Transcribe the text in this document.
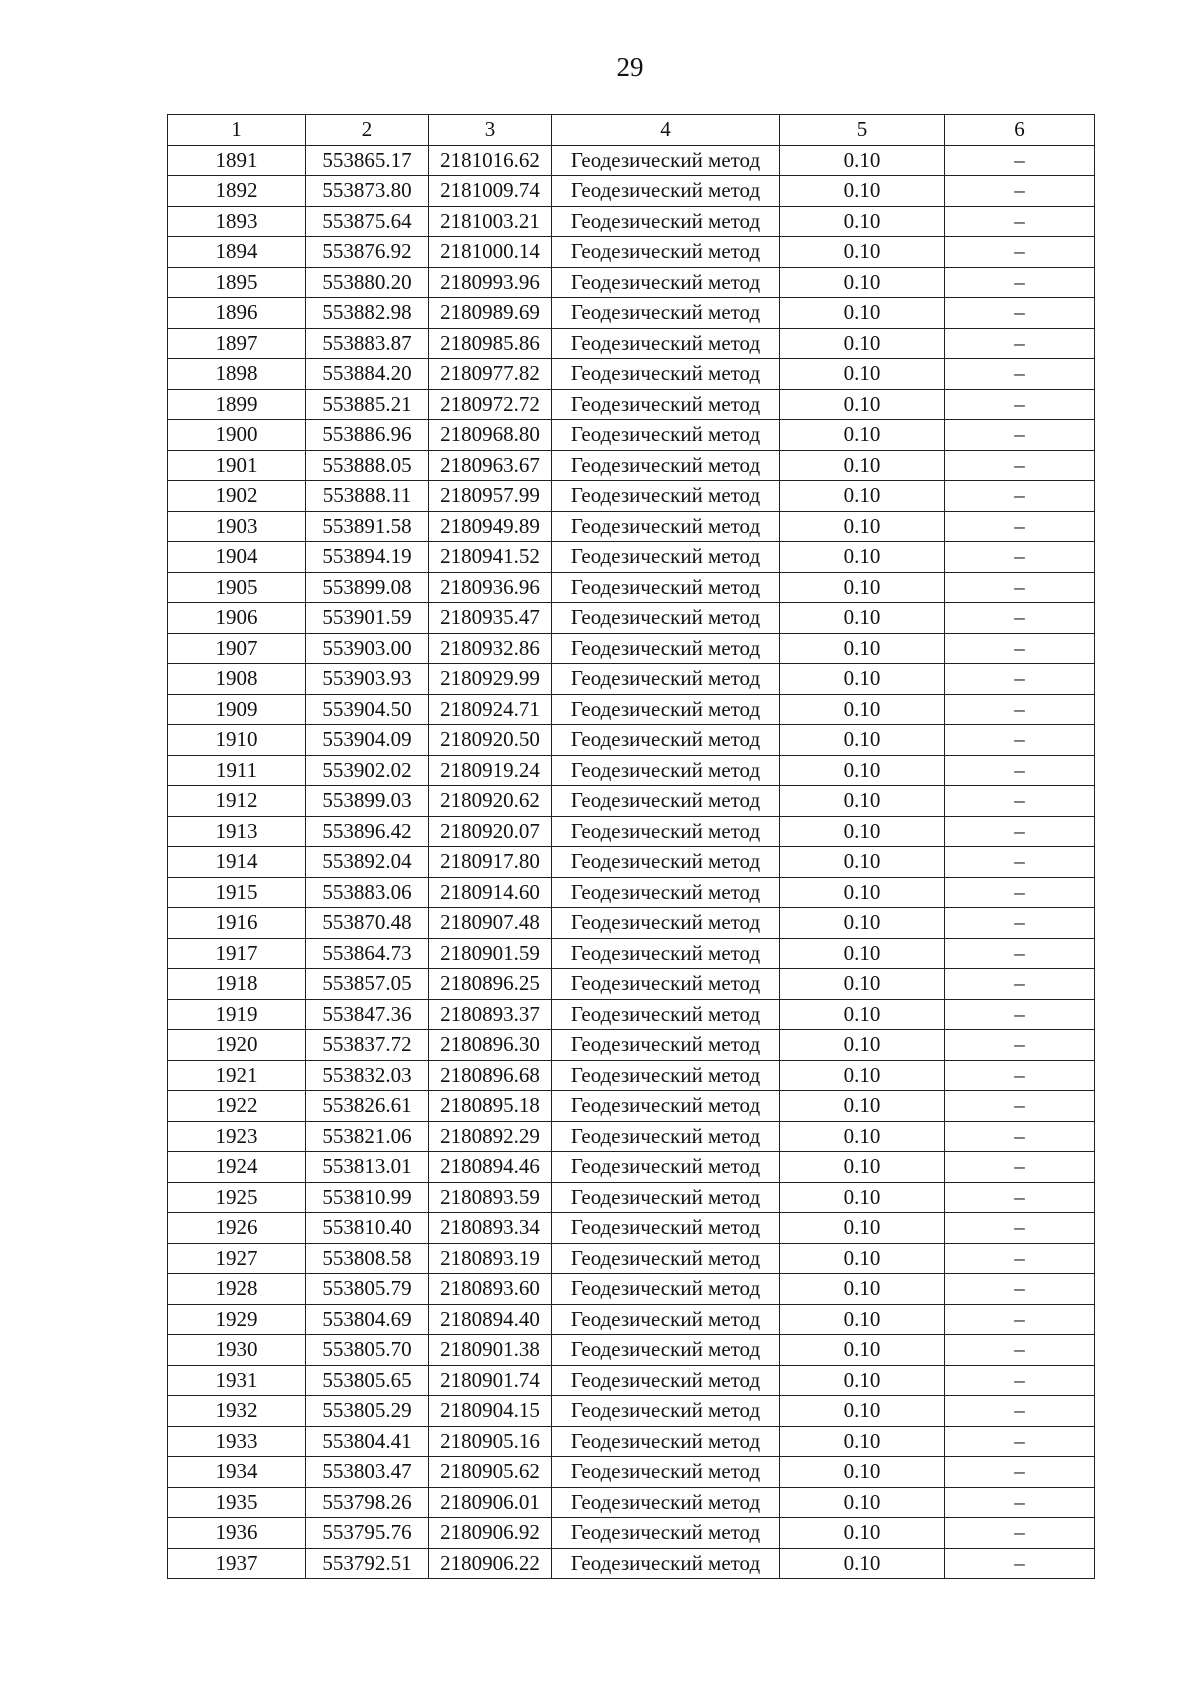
29
1	2	3	4	5	6
1891	553865.17	2181016.62	Геодезический метод	0.10	–
1892	553873.80	2181009.74	Геодезический метод	0.10	–
1893	553875.64	2181003.21	Геодезический метод	0.10	–
1894	553876.92	2181000.14	Геодезический метод	0.10	–
1895	553880.20	2180993.96	Геодезический метод	0.10	–
1896	553882.98	2180989.69	Геодезический метод	0.10	–
1897	553883.87	2180985.86	Геодезический метод	0.10	–
1898	553884.20	2180977.82	Геодезический метод	0.10	–
1899	553885.21	2180972.72	Геодезический метод	0.10	–
1900	553886.96	2180968.80	Геодезический метод	0.10	–
1901	553888.05	2180963.67	Геодезический метод	0.10	–
1902	553888.11	2180957.99	Геодезический метод	0.10	–
1903	553891.58	2180949.89	Геодезический метод	0.10	–
1904	553894.19	2180941.52	Геодезический метод	0.10	–
1905	553899.08	2180936.96	Геодезический метод	0.10	–
1906	553901.59	2180935.47	Геодезический метод	0.10	–
1907	553903.00	2180932.86	Геодезический метод	0.10	–
1908	553903.93	2180929.99	Геодезический метод	0.10	–
1909	553904.50	2180924.71	Геодезический метод	0.10	–
1910	553904.09	2180920.50	Геодезический метод	0.10	–
1911	553902.02	2180919.24	Геодезический метод	0.10	–
1912	553899.03	2180920.62	Геодезический метод	0.10	–
1913	553896.42	2180920.07	Геодезический метод	0.10	–
1914	553892.04	2180917.80	Геодезический метод	0.10	–
1915	553883.06	2180914.60	Геодезический метод	0.10	–
1916	553870.48	2180907.48	Геодезический метод	0.10	–
1917	553864.73	2180901.59	Геодезический метод	0.10	–
1918	553857.05	2180896.25	Геодезический метод	0.10	–
1919	553847.36	2180893.37	Геодезический метод	0.10	–
1920	553837.72	2180896.30	Геодезический метод	0.10	–
1921	553832.03	2180896.68	Геодезический метод	0.10	–
1922	553826.61	2180895.18	Геодезический метод	0.10	–
1923	553821.06	2180892.29	Геодезический метод	0.10	–
1924	553813.01	2180894.46	Геодезический метод	0.10	–
1925	553810.99	2180893.59	Геодезический метод	0.10	–
1926	553810.40	2180893.34	Геодезический метод	0.10	–
1927	553808.58	2180893.19	Геодезический метод	0.10	–
1928	553805.79	2180893.60	Геодезический метод	0.10	–
1929	553804.69	2180894.40	Геодезический метод	0.10	–
1930	553805.70	2180901.38	Геодезический метод	0.10	–
1931	553805.65	2180901.74	Геодезический метод	0.10	–
1932	553805.29	2180904.15	Геодезический метод	0.10	–
1933	553804.41	2180905.16	Геодезический метод	0.10	–
1934	553803.47	2180905.62	Геодезический метод	0.10	–
1935	553798.26	2180906.01	Геодезический метод	0.10	–
1936	553795.76	2180906.92	Геодезический метод	0.10	–
1937	553792.51	2180906.22	Геодезический метод	0.10	–
